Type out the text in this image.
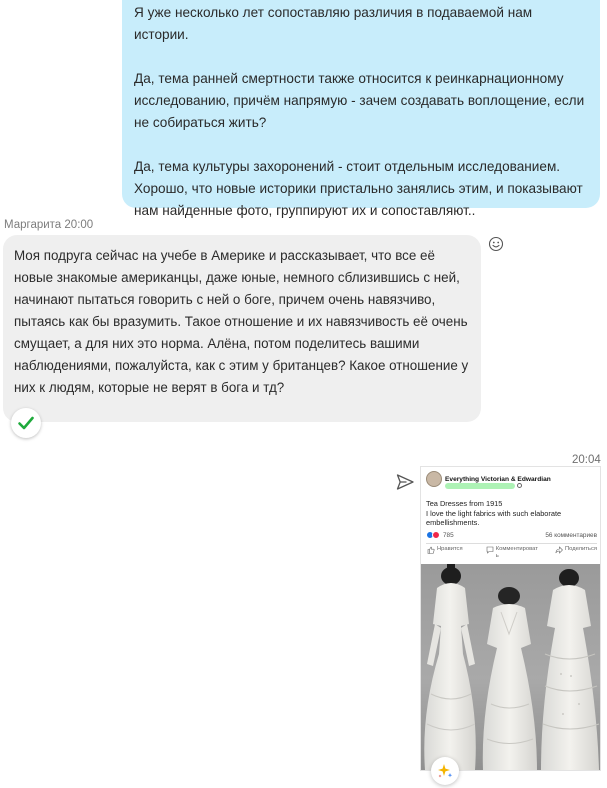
Я уже несколько лет сопоставляю различия в подаваемой нам истории.

Да, тема ранней смертности также относится к реинкарнационному исследованию, причём напрямую - зачем создавать воплощение, если не собираться жить?

Да, тема культуры захоронений - стоит отдельным исследованием. Хорошо, что новые историки пристально занялись этим, и показывают нам найденные фото, группируют их и сопоставляют..

Маргарита 20:00

Моя подруга сейчас на учебе в Америке и рассказывает, что все её новые знакомые американцы, даже юные, немного сблизившись с ней, начинают пытаться говорить с ней о боге, причем очень навязчиво, пытаясь как бы вразумить. Такое отношение и их навязчивость её очень смущает, а для них это норма. Алёна, потом поделитесь вашими наблюдениями, пожалуйста, как с этим у британцев? Какое отношение у них к людям, которые не верят в бога и тд?

20:04
Everything Victorian & Edwardian
Tea Dresses from 1915
I love the light fabrics with such elaborate embellishments.
785	56 комментариев
Нравится	Комментироват ь
Поделиться
